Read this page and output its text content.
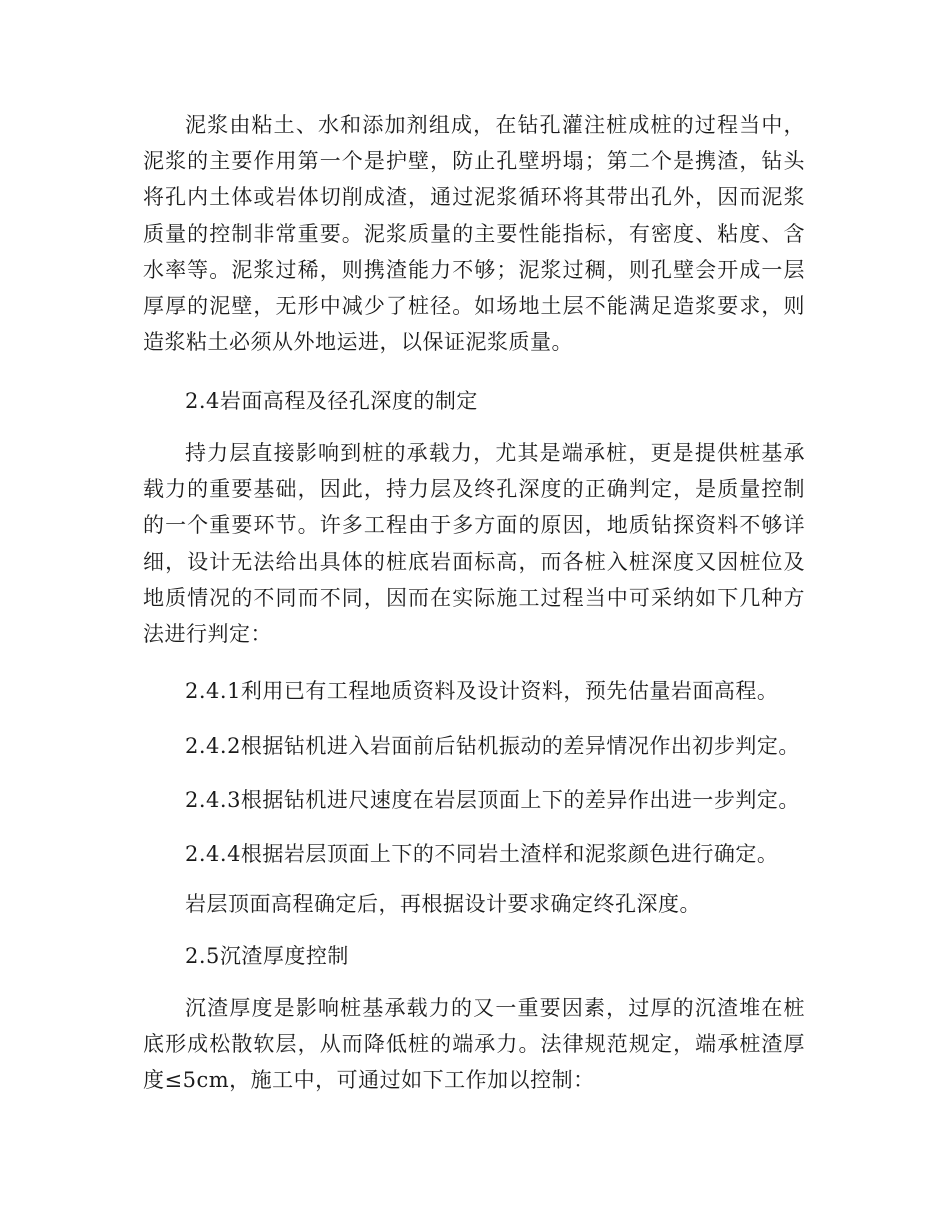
泥浆由粘土、水和添加剂组成，在钻孔灌注桩成桩的过程当中，泥浆的主要作用第一个是护壁，防止孔壁坍塌；第二个是携渣，钻头将孔内土体或岩体切削成渣，通过泥浆循环将其带出孔外，因而泥浆质量的控制非常重要。泥浆质量的主要性能指标，有密度、粘度、含水率等。泥浆过稀，则携渣能力不够；泥浆过稠，则孔壁会开成一层厚厚的泥壁，无形中减少了桩径。如场地土层不能满足造浆要求，则造浆粘土必须从外地运进，以保证泥浆质量。

2.4岩面高程及径孔深度的制定

持力层直接影响到桩的承载力，尤其是端承桩，更是提供桩基承载力的重要基础，因此，持力层及终孔深度的正确判定，是质量控制的一个重要环节。许多工程由于多方面的原因，地质钻探资料不够详细，设计无法给出具体的桩底岩面标高，而各桩入桩深度又因桩位及地质情况的不同而不同，因而在实际施工过程当中可采纳如下几种方法进行判定：

2.4.1利用已有工程地质资料及设计资料，预先估量岩面高程。

2.4.2根据钻机进入岩面前后钻机振动的差异情况作出初步判定。

2.4.3根据钻机进尺速度在岩层顶面上下的差异作出进一步判定。

2.4.4根据岩层顶面上下的不同岩土渣样和泥浆颜色进行确定。

岩层顶面高程确定后，再根据设计要求确定终孔深度。

2.5沉渣厚度控制

沉渣厚度是影响桩基承载力的又一重要因素，过厚的沉渣堆在桩底形成松散软层，从而降低桩的端承力。法律规范规定，端承桩渣厚度≤5cm，施工中，可通过如下工作加以控制：
